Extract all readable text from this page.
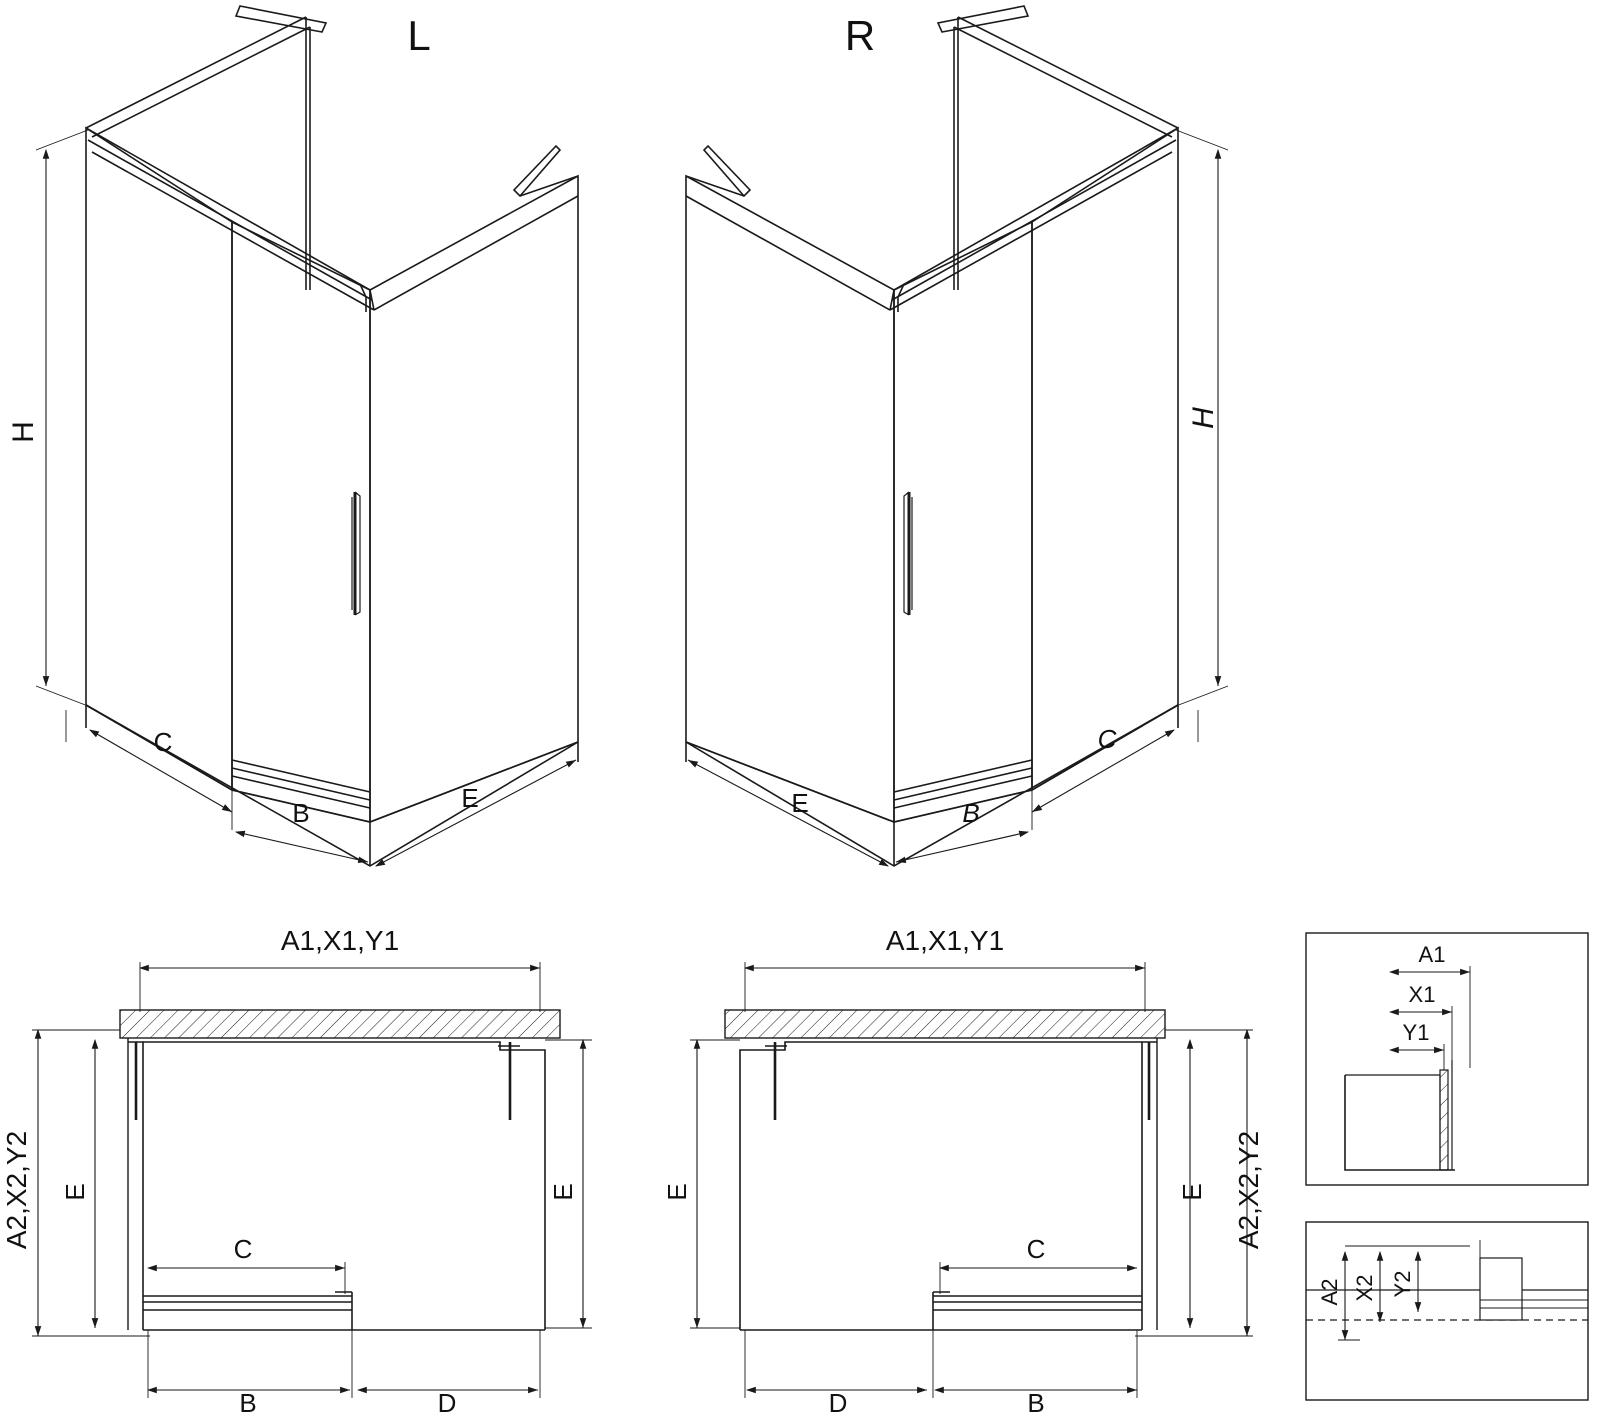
L	R
H
C
B	E
H
C
B
E
A1,X1,Y1
A2,X2,Y2 E	E
C
B	D
A1,X1,Y1
A2,X2,Y2
E
E
C
B
D
A1
X1
Y1
A2 X2 Y2
